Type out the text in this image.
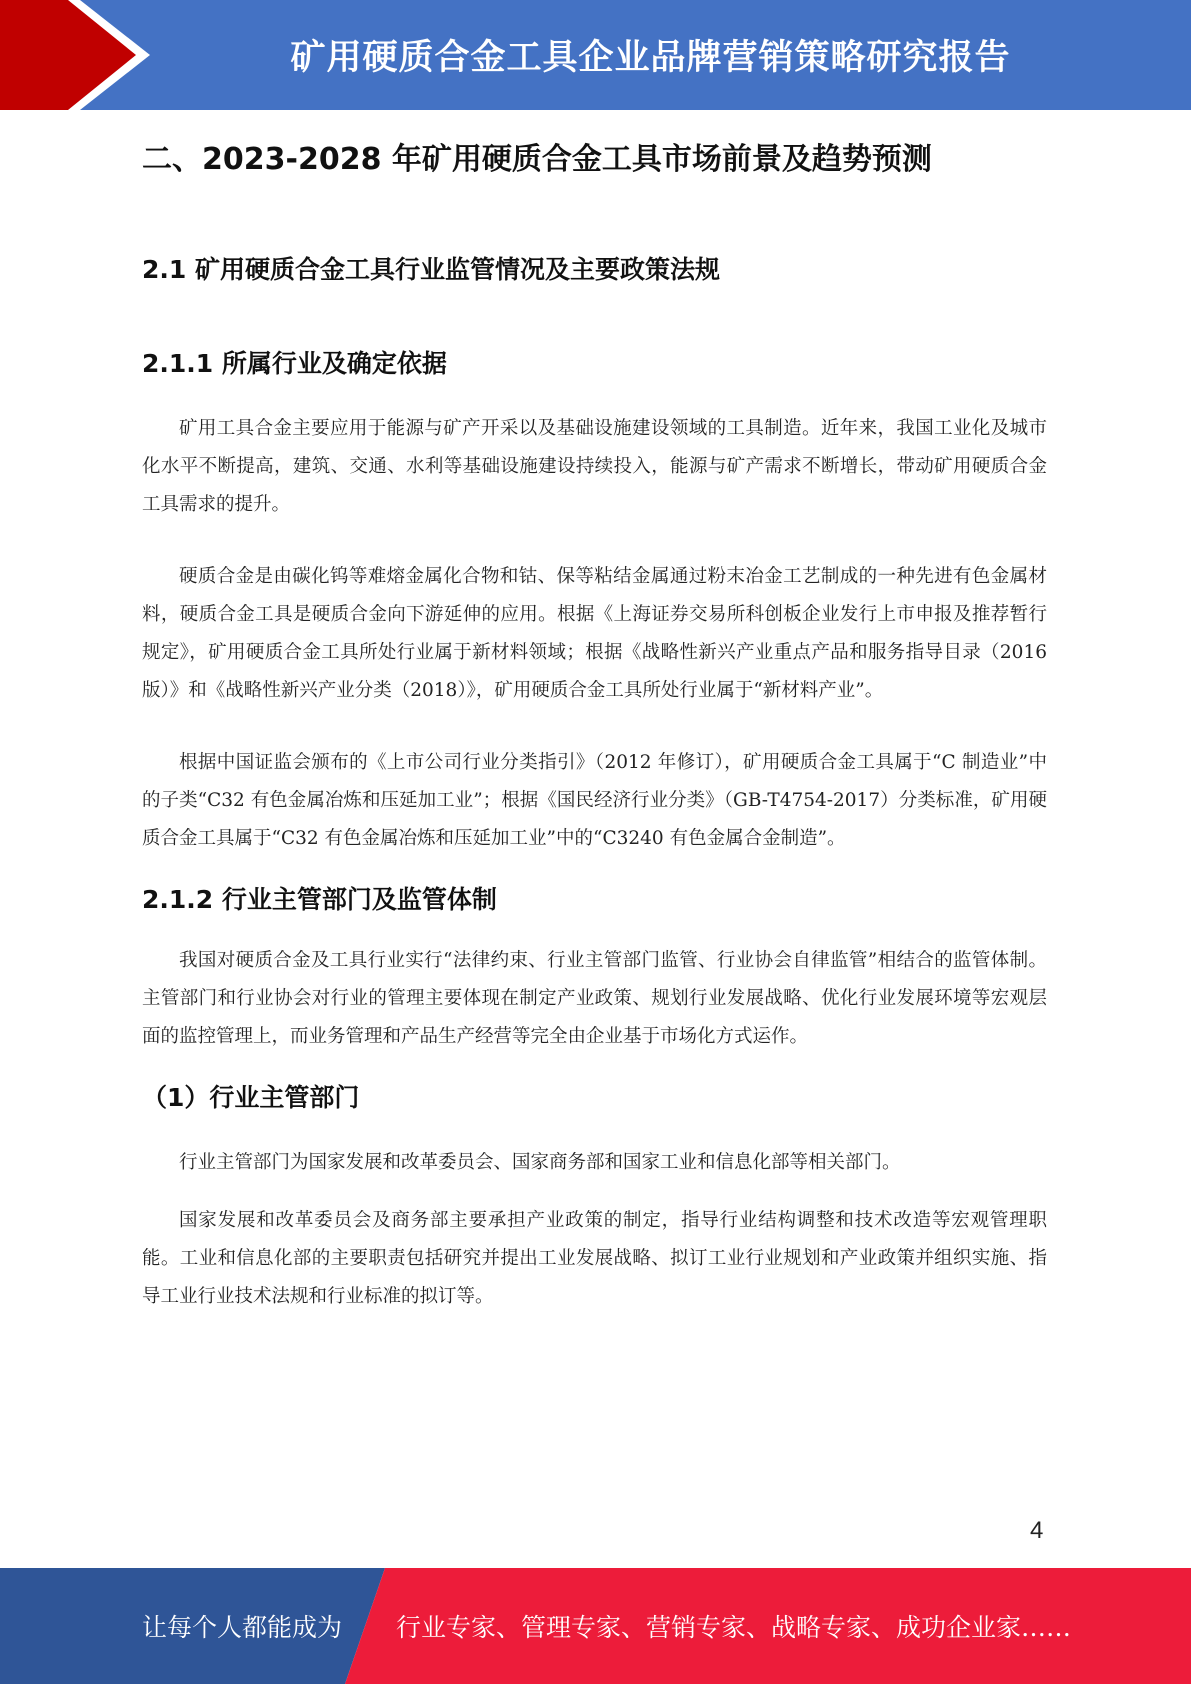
矿用硬质合金工具企业品牌营销策略研究报告
二、2023-2028 年矿用硬质合金工具市场前景及趋势预测
2.1 矿用硬质合金工具行业监管情况及主要政策法规
2.1.1 所属行业及确定依据

矿用工具合金主要应用于能源与矿产开采以及基础设施建设领域的工具制造。近年来，我国工业化及城市化水平不断提高，建筑、交通、水利等基础设施建设持续投入，能源与矿产需求不断增长，带动矿用硬质合金工具需求的提升。

硬质合金是由碳化钨等难熔金属化合物和钴、保等粘结金属通过粉末冶金工艺制成的一种先进有色金属材料，硬质合金工具是硬质合金向下游延伸的应用。根据《上海证券交易所科创板企业发行上市申报及推荐暂行规定》，矿用硬质合金工具所处行业属于新材料领域；根据《战略性新兴产业重点产品和服务指导目录（2016 版）》和《战略性新兴产业分类（2018）》，矿用硬质合金工具所处行业属于“新材料产业”。

根据中国证监会颁布的《上市公司行业分类指引》（2012 年修订），矿用硬质合金工具属于“C 制造业”中的子类“C32 有色金属冶炼和压延加工业”；根据《国民经济行业分类》（GB-T4754-2017）分类标准，矿用硬质合金工具属于“C32 有色金属冶炼和压延加工业”中的“C3240 有色金属合金制造”。

2.1.2 行业主管部门及监管体制

我国对硬质合金及工具行业实行“法律约束、行业主管部门监管、行业协会自律监管”相结合的监管体制。主管部门和行业协会对行业的管理主要体现在制定产业政策、规划行业发展战略、优化行业发展环境等宏观层面的监控管理上，而业务管理和产品生产经营等完全由企业基于市场化方式运作。

（1）行业主管部门

行业主管部门为国家发展和改革委员会、国家商务部和国家工业和信息化部等相关部门。

国家发展和改革委员会及商务部主要承担产业政策的制定，指导行业结构调整和技术改造等宏观管理职能。工业和信息化部的主要职责包括研究并提出工业发展战略、拟订工业行业规划和产业政策并组织实施、指导工业行业技术法规和行业标准的拟订等。

4
让每个人都能成为 行业专家、管理专家、营销专家、战略专家、成功企业家……
